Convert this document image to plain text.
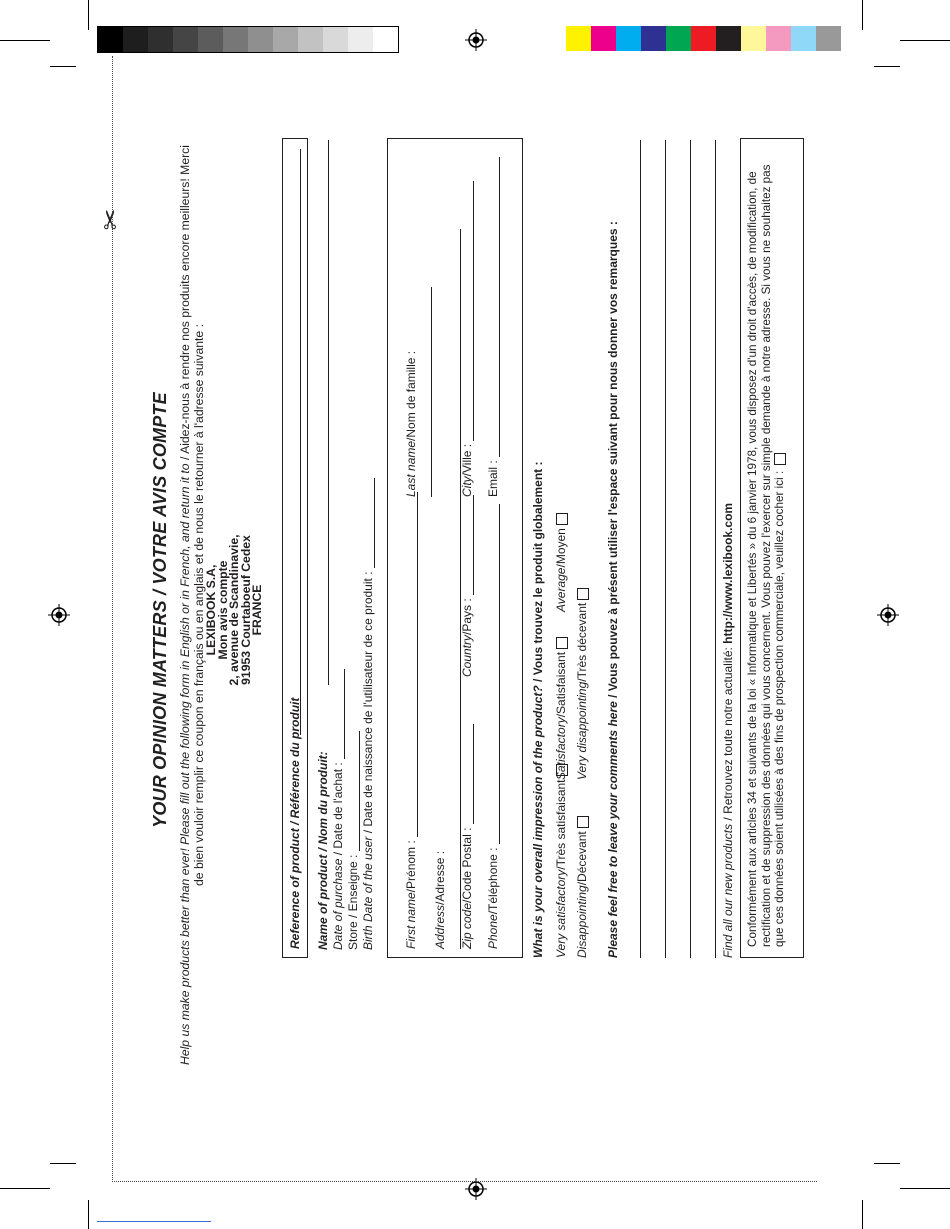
✂
YOUR OPINION MATTERS / VOTRE AVIS COMPTE Help us make products better than ever! Please fill out the following form in English or in French, and return it to / Aidez-nous à rendre nos produits encore meilleurs! Merci de bien vouloir remplir ce coupon en français ou en anglais et de nous le retourner à l'adresse suivante :
LEXIBOOK S.A,
Mon avis compte
2, avenue de Scandinavie,
91953 Courtaboeuf Cedex
FRANCE
Reference of product / Référence du produit Name of product / Nom du produit: Date of purchase / Date de l'achat :
Store / Enseigne : Birth Date of the user / Date de naissance de l'utilisateur de ce produit :
First name/Prénom :
Last name/Nom de famille :
Address/Adresse :
Zip code/Code Postal :
Country/Pays :
City/Ville :
Phone/Téléphone :
Email :
What is your overall impression of the product? / Vous trouvez le produit globalement :
Very satisfactory/Très satisfaisant
Satisfactory/Satisfaisant
Average/Moyen
Disappointing/Décevant
Very disappointing/Très décevant
Please feel free to leave your comments here / Vous pouvez à présent utiliser l'espace suivant pour nous donner vos remarques :
Find all our new products / Retrouvez toute notre actualité: http://www.lexibook.com Conformément aux articles 34 et suivants de la loi « Informatique et Libertés » du 6 janvier 1978, vous disposez d'un droit d'accès, de modification, de rectification et de suppression des données qui vous concernent. Vous pouvez l'exercer sur simple demande à notre adresse. Si vous ne souhaitez pas que ces données soient utilisées à des fins de prospection commerciale, veuillez cocher ici :
